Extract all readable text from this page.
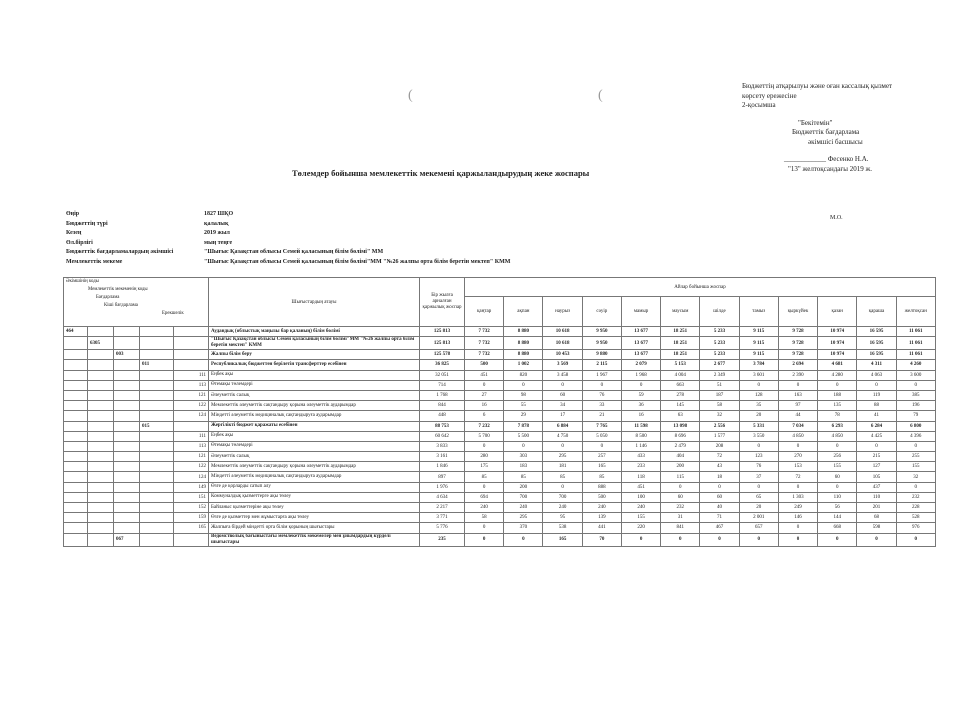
Бюджеттің атқарылуы және оған кассалық қызмет
көрсету ережесіне
2-қосымша
"Бекітемін"
Бюджеттік бағдарлама
әкімшісі басшысы
____________ Фесенко Н.А.
"13" желтоқсандағы 2019 ж.
Төлемдер бойынша мемлекеттік мекемені қаржыландырудың жеке жоспары
М.О.
Өңір	1827 ШҚО
Бюджеттің түрі	қалалық
Кезең	2019 жыл
Өл.бірлігі	мың теңге
Бюджеттік бағдарламалардың әкімшісі	"Шығыс Қазақстан облысы Семей қаласының білім бөлімі" ММ
Мемлекеттік мекеме	"Шығыс Қазақстан облысы Семей қаласының білім бөлімі"ММ "№26 жалпы орта білім беретін мектеп" КММ
Әкімшінің коды
Мемлекеттік мекеменің коды
Бағдарлама
Кіші бағдарлама
Ерекшелік					Шығыстардың атауы	Бір жылға арналған қаржылық жоспар	Айлар бойынша жоспар											
							қаңтар	ақпан	наурыз	сәуір	мамыр	маусым	шілде	тамыз	қыркүйек	қазан	қараша	желтоқсан
464					Аудандық (облыстық маңызы бар қаланың) білім бөлімі	125 813	7 732	8 880	10 618	9 950	13 677	18 251	5 233	9 115	9 728	10 974	16 595	11 061
	6305				"Шығыс Қазақстан облысы Семей қаласының білім бөлімі"ММ "№26 жалпы орта білім беретін мектеп" КММ	125 813	7 732	8 880	10 618	9 950	13 677	18 251	5 233	9 115	9 728	10 974	16 595	11 061
		003			Жалпы білім беру	125 578	7 732	8 880	10 453	9 880	13 677	18 251	5 233	9 115	9 728	10 974	16 595	11 061
			011		Республикалық бюджеттен берілетін трансферттер есебінен	36 825	500	1 002	3 569	2 115	2 079	5 153	2 677	3 784	2 694	4 681	4 311	4 260
				111	Еңбек ақы	32 051	451	820	3 458	1 967	1 968	4 004	2 349	3 601	2 390	4 280	4 063	3 600
				113	Өтемақы төлемдері	714	0	0	0	0	0	663	51	0	0	0	0	0
				121	Әлеуметтік салық	1 768	27	98	60	76	59	278	187	128	163	188	119	385
				122	Мемлекеттік әлеуметтік сақтандыру қорына әлеуметтік аударымдар	844	16	55	34	33	36	145	58	35	97	135	88	196
				124	Міндетті әлеуметтік медициналық сақтандыруға аударымдар	448	6	29	17	21	16	63	32	20	44	78	41	79
			015		Жергілікті бюджет қаражаты есебінен	88 753	7 232	7 878	6 884	7 765	11 598	13 098	2 556	5 331	7 034	6 293	6 284	6 800
				111	Еңбек ақы	60 642	5 700	5 500	4 750	5 050	8 500	8 696	1 577	3 550	4 850	4 850	4 425	4 396
				113	Өтемақы төлемдері	3 833	0	0	0	0	1 146	2 479	208	0	0	0	0	0
				121	Әлеуметтік салық	3 161	280	303	295	257	433	404	72	123	270	256	215	255
				122	Мемлекеттік әлеуметтік сақтандыру қорына әлеуметтік аударымдар	1 846	175	183	181	165	233	200	43	76	153	155	127	155
				124	Міндетті әлеуметтік медициналық сақтандыруға аударымдар	897	85	85	85	85	118	115	18	37	72	60	105	32
				149	Өзге де қорларды сатып алу	1 976	0	200	0	888	451	0	0	0	0	0	437	0
				151	Коммуналдық қызметтерге ақы төлеу	4 634	694	700	700	500	100	60	60	65	1 303	110	110	232
				152	Байланыс қызметтеріне ақы төлеу	2 217	240	240	240	240	240	232	40	20	249	56	201	228
				159	Өзге де қызметтер мен жұмыстарға ақы төлеу	3 771	58	295	95	139	155	31	71	2 001	146	144	68	528
				165	Жалпыға бірдей міндетті орта білім қорының шығыстары	5 776	0	370	538	441	220	841	467	657	0	668	598	976
		067			Ведомстволық бағыныстағы мемлекеттік мекемелер мен ұйымдардың күрделі шығыстары	235	0	0	165	70	0	0	0	0	0	0	0	0
(	(
